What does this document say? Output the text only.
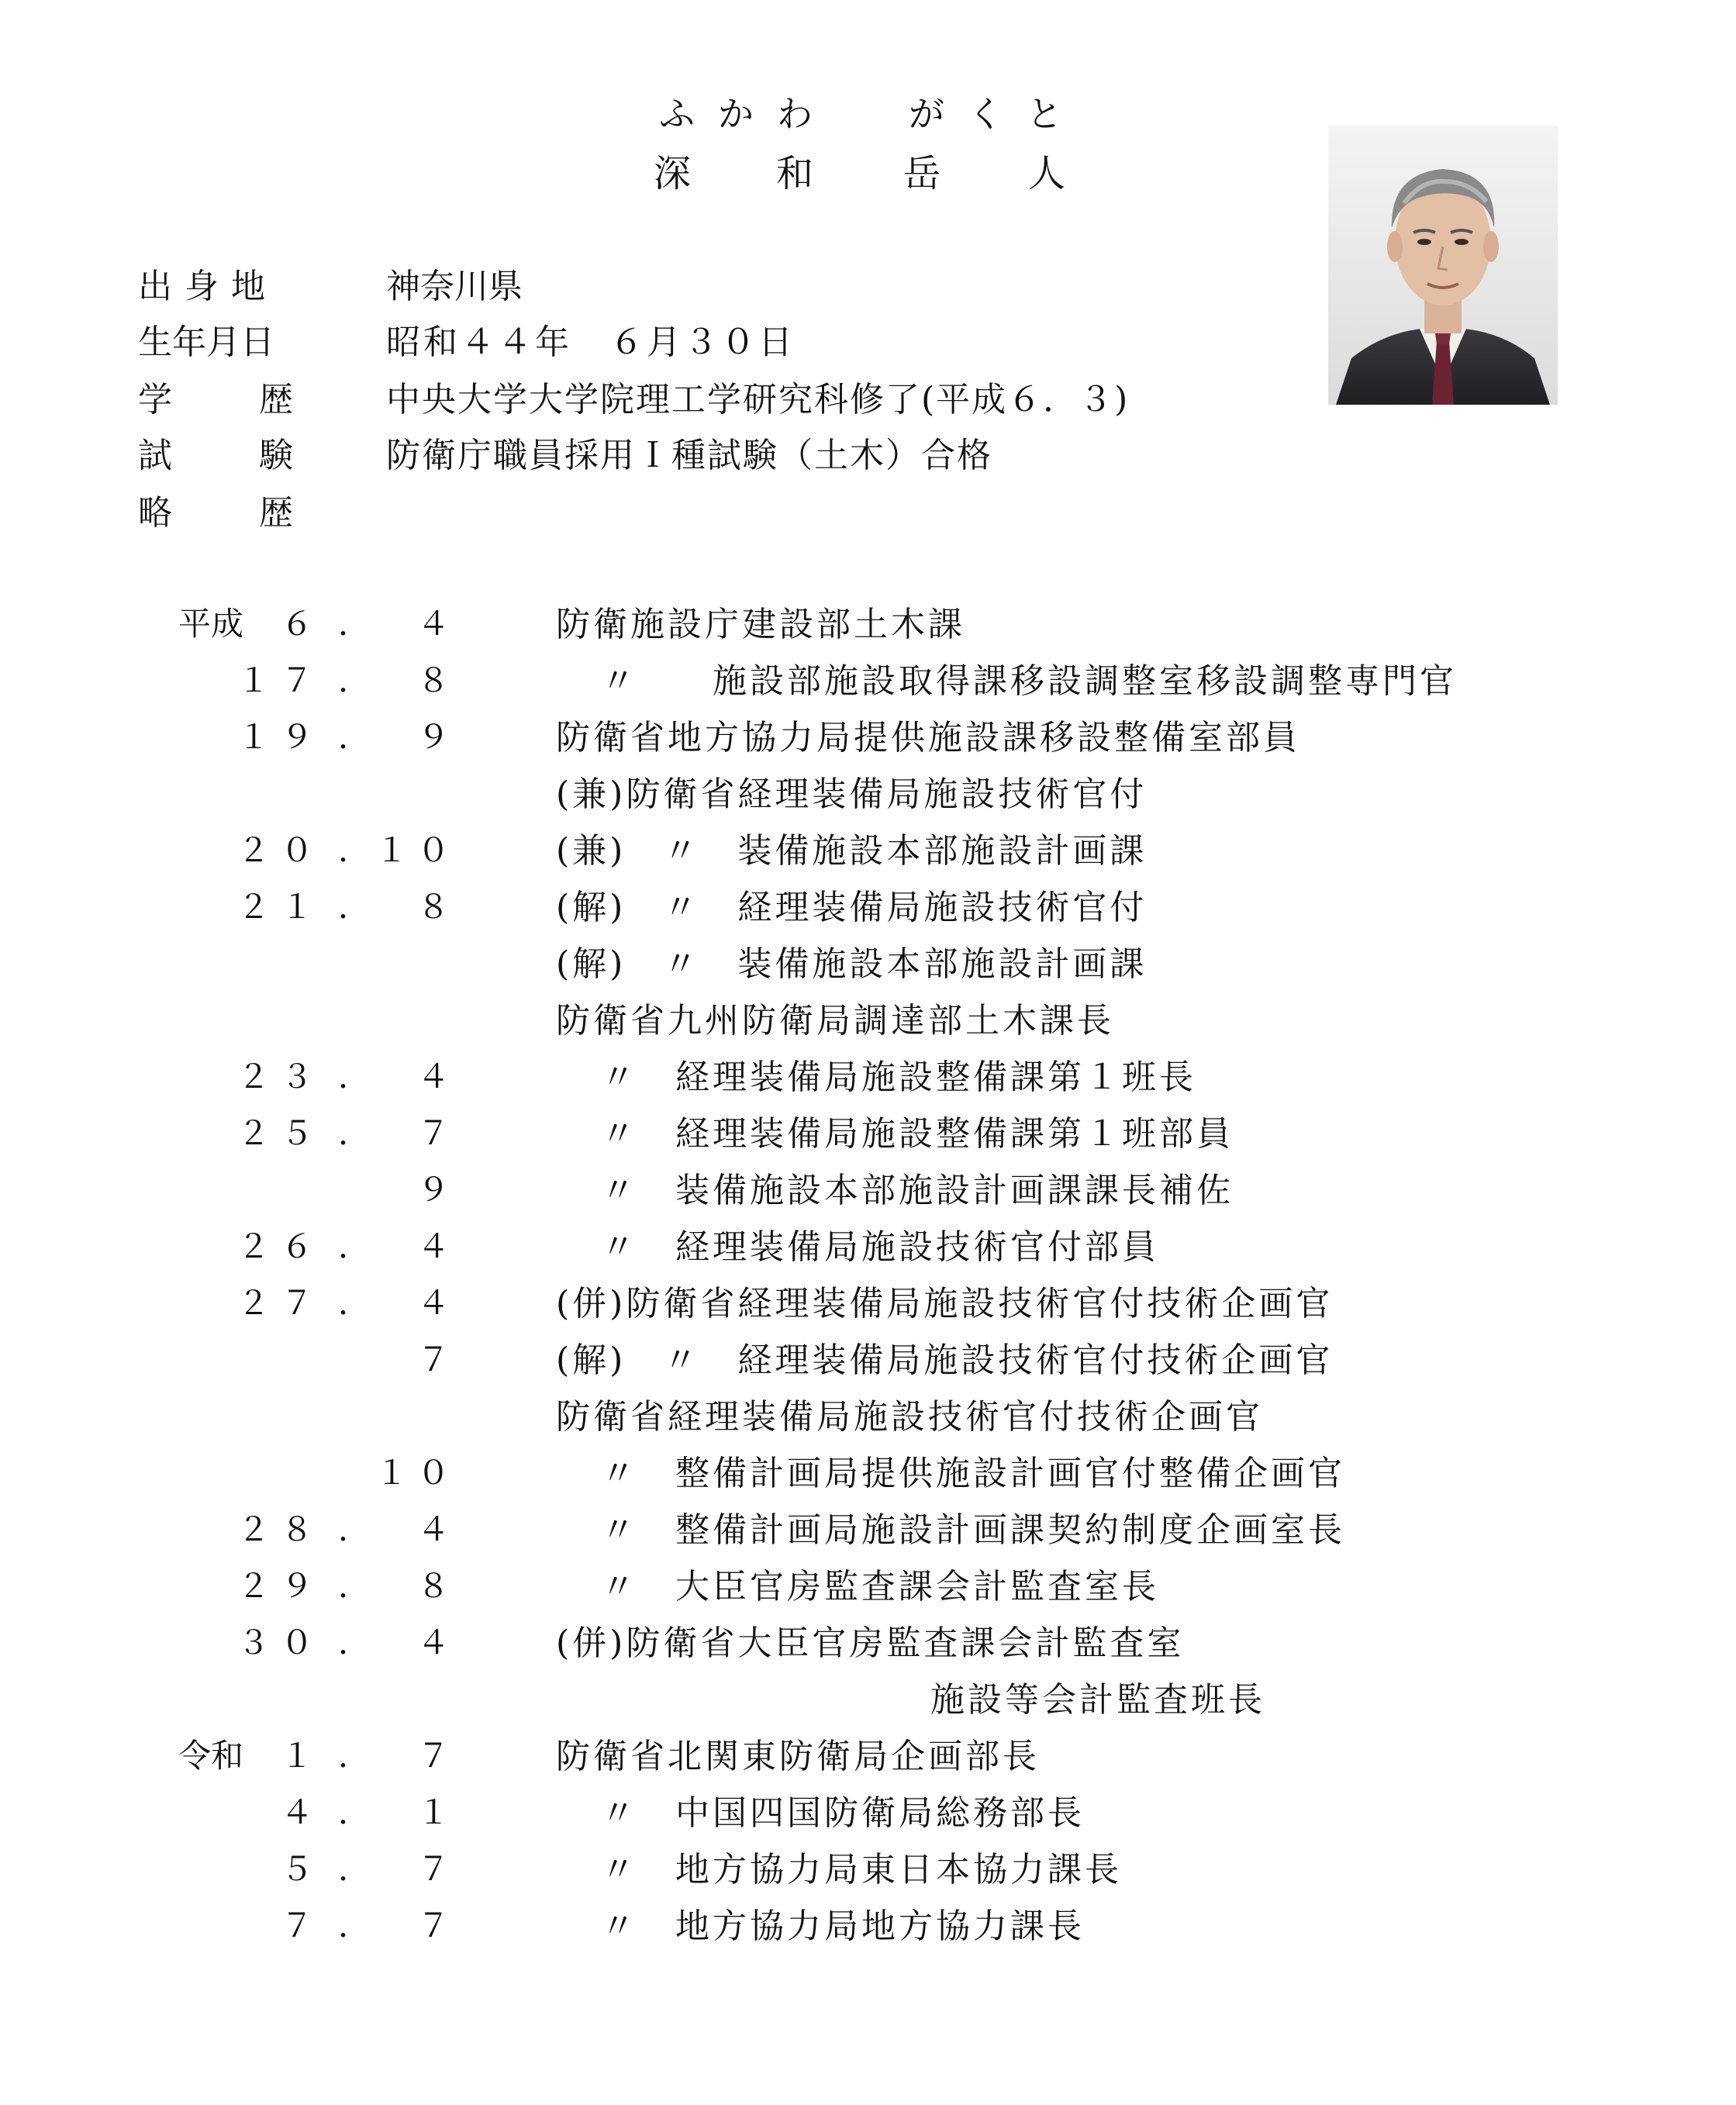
ふかわ がくと
深 和 岳 人
出身地	神奈川県
生年月日	昭和４４年　６月３０日
学歴 中央大学大学院理工学研究科修了(平成６．３)
試験 防衛庁職員採用Ｉ種試験（土木）合格
略歴
平成 ６ ． ４	防衛施設庁建設部土木課
１７ ． ８	〃　　施設部施設取得課移設調整室移設調整専門官
１９ ． ９	防衛省地方協力局提供施設課移設整備室部員
(兼)防衛省経理装備局施設技術官付
２０ ． １０	(兼)　〃　装備施設本部施設計画課
２１ ． ８	(解)　〃　経理装備局施設技術官付
(解)　〃　装備施設本部施設計画課
防衛省九州防衛局調達部土木課長
２３ ． ４	〃　経理装備局施設整備課第１班長
２５ ． ７	〃　経理装備局施設整備課第１班部員
９	〃　装備施設本部施設計画課課長補佐
２６ ． ４	〃　経理装備局施設技術官付部員
２７ ． ４	(併)防衛省経理装備局施設技術官付技術企画官
７	(解)　〃　経理装備局施設技術官付技術企画官
防衛省経理装備局施設技術官付技術企画官
１０	〃　整備計画局提供施設計画官付整備企画官
２８ ． ４	〃　整備計画局施設計画課契約制度企画室長
２９ ． ８	〃　大臣官房監査課会計監査室長
３０ ． ４	(併)防衛省大臣官房監査課会計監査室
施設等会計監査班長
令和 １ ． ７	防衛省北関東防衛局企画部長
４ ． １	〃　中国四国防衛局総務部長
５ ． ７	〃　地方協力局東日本協力課長
７ ． ７	〃　地方協力局地方協力課長
